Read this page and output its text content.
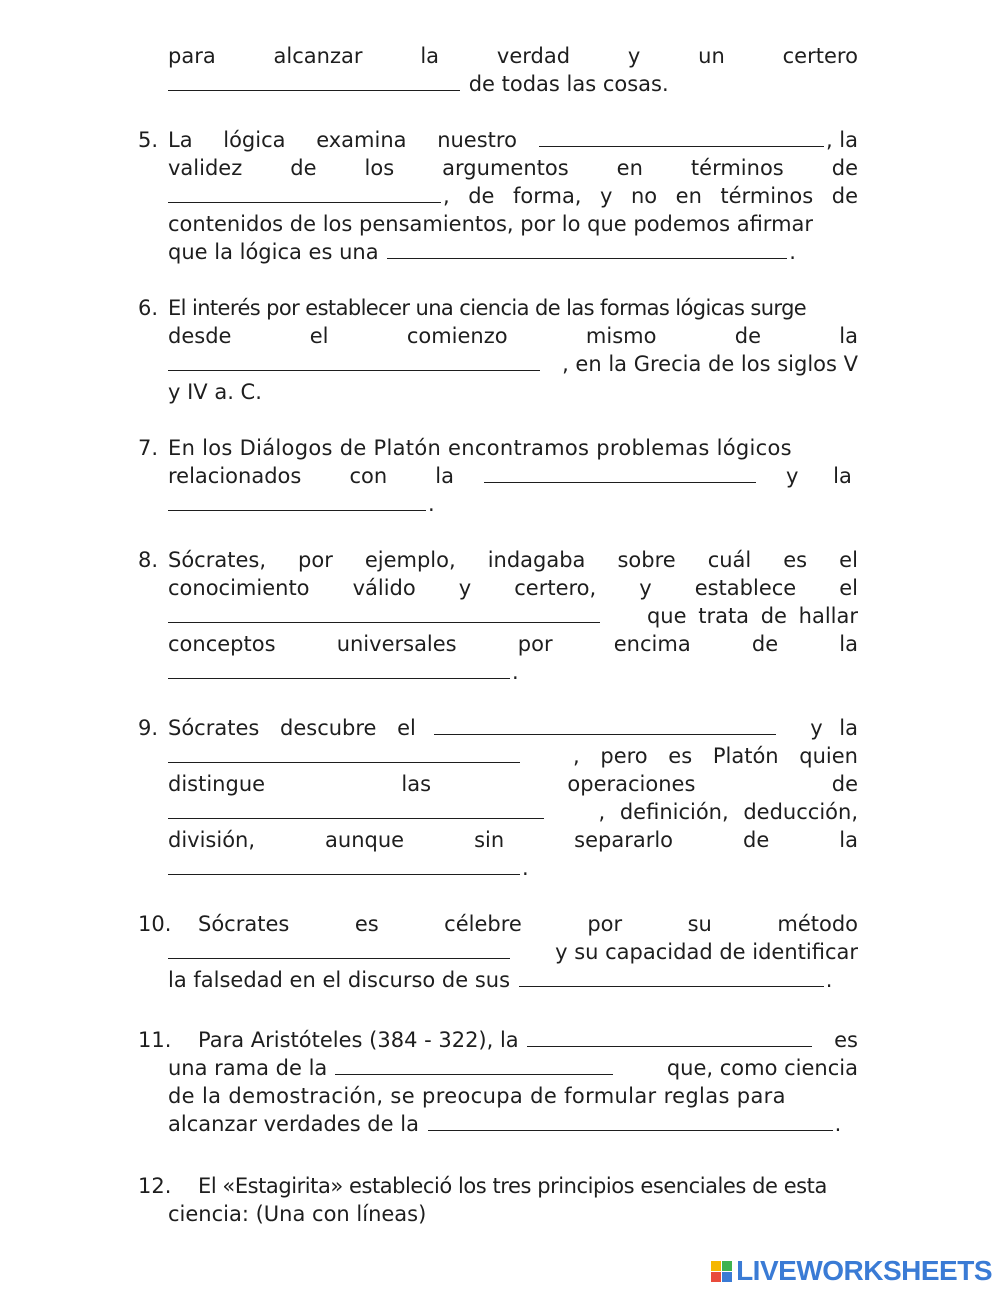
para	alcanzar	la	verdad	y	un	certero
de todas las cosas.
5. La lógica examina nuestro	, la
validez de los argumentos en términos de
, de forma, y no en términos de
contenidos de los pensamientos, por lo que podemos afirmar
que la lógica es una	.
6. El interés por establecer una ciencia de las formas lógicas surge
desde	el	comienzo	mismo	de	la
, en la Grecia de los siglos V
y IV a. C.
7. En los Diálogos de Platón encontramos problemas lógicos
relacionados con la	y la
.
8. Sócrates, por ejemplo, indagaba sobre cuál es el
conocimiento válido y certero, y establece el
que trata de hallar
conceptos	universales	por	encima	de	la
.
9. Sócrates descubre el	y la
, pero es Platón quien
distingue	las	operaciones	de
, definición, deducción,
división,	aunque	sin	separarlo	de	la
.
10. Sócrates	es	célebre	por	su	método
y su capacidad de identificar
la falsedad en el discurso de sus	.
11. Para Aristóteles (384 - 322), la	es
una rama de la	que, como ciencia
de la demostración, se preocupa de formular reglas para
alcanzar verdades de la	.
12. El «Estagirita» estableció los tres principios esenciales de esta
ciencia: (Una con líneas)
LIVEWORKSHEETS
